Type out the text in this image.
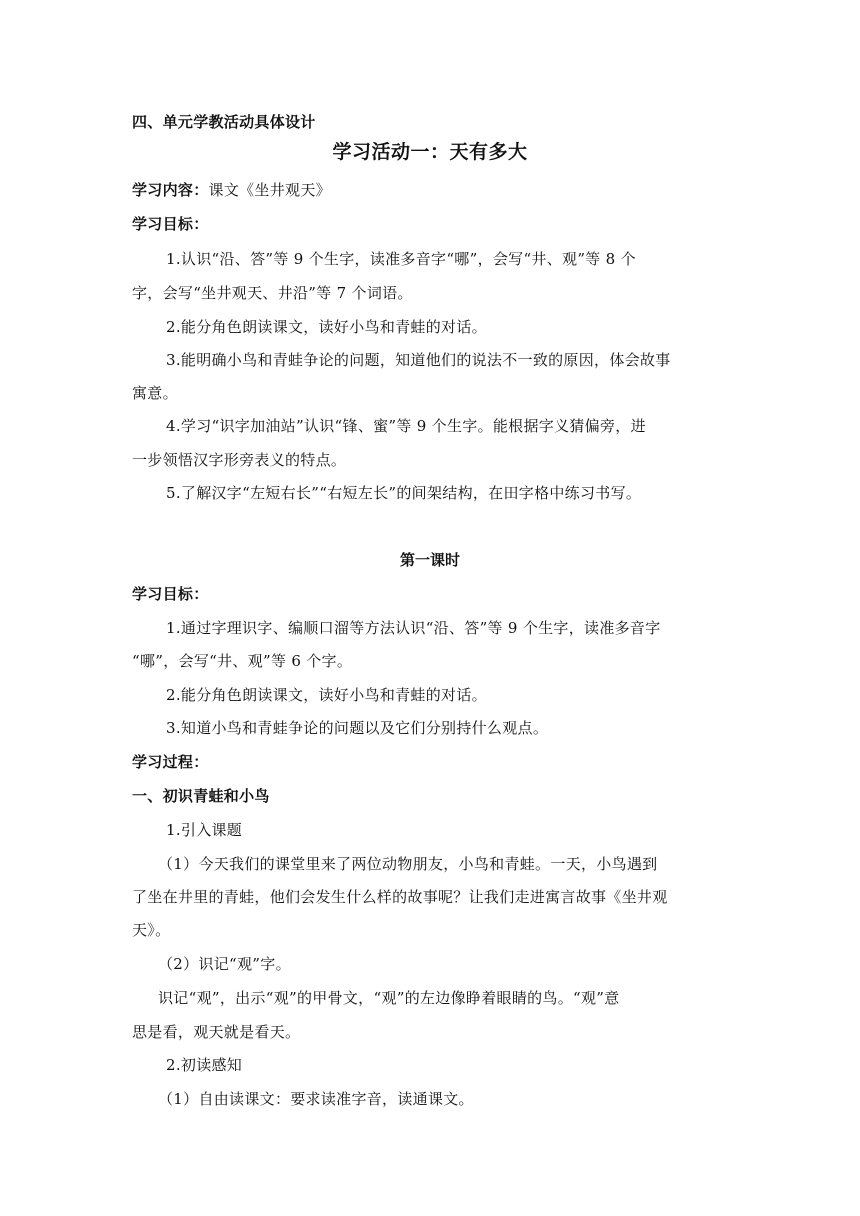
四、单元学教活动具体设计
学习活动一：天有多大
学习内容：课文《坐井观天》
学习目标：
1.认识“沿、答”等 9 个生字，读准多音字“哪”，会写“井、观”等 8 个
字，会写“坐井观天、井沿”等 7 个词语。
2.能分角色朗读课文，读好小鸟和青蛙的对话。
3.能明确小鸟和青蛙争论的问题，知道他们的说法不一致的原因，体会故事
寓意。
4.学习“识字加油站”认识“锋、蜜”等 9 个生字。能根据字义猜偏旁，进
一步领悟汉字形旁表义的特点。
5.了解汉字“左短右长”“右短左长”的间架结构，在田字格中练习书写。
第一课时
学习目标：
1.通过字理识字、编顺口溜等方法认识“沿、答”等 9 个生字，读准多音字
“哪”，会写“井、观”等 6 个字。
2.能分角色朗读课文，读好小鸟和青蛙的对话。
3.知道小鸟和青蛙争论的问题以及它们分别持什么观点。
学习过程：
一、初识青蛙和小鸟
1.引入课题
（1）今天我们的课堂里来了两位动物朋友，小鸟和青蛙。一天，小鸟遇到
了坐在井里的青蛙，他们会发生什么样的故事呢？让我们走进寓言故事《坐井观
天》。
（2）识记“观”字。
识记“观”，出示“观”的甲骨文，“观”的左边像睁着眼睛的鸟。“观”意
思是看，观天就是看天。
2.初读感知
（1）自由读课文：要求读准字音，读通课文。
